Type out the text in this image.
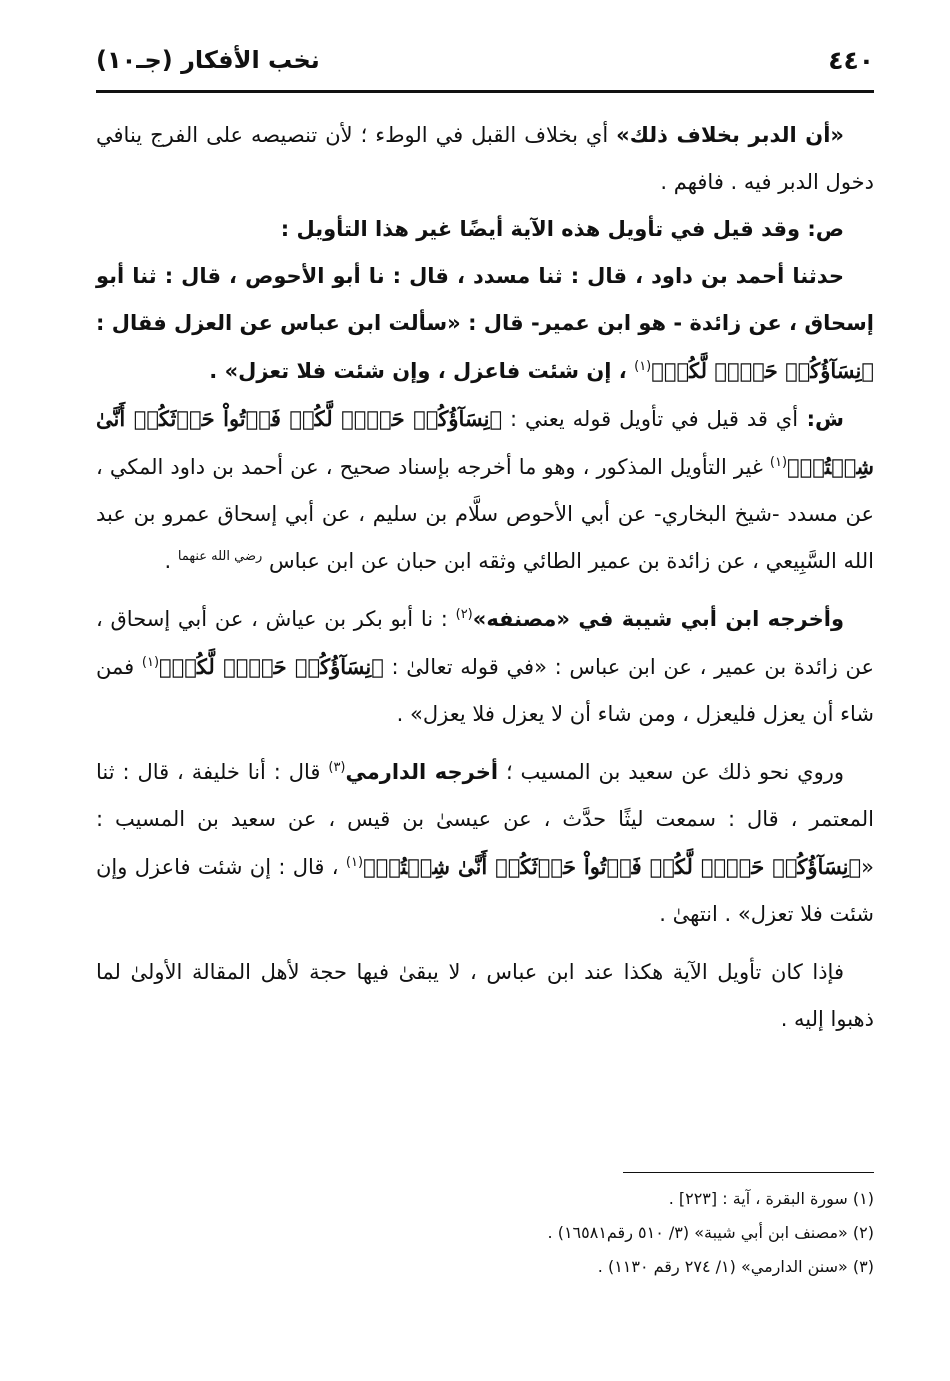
٤٤٠
نخب الأفكار (جـ١٠)

«أن الدبر بخلاف ذلك» أي بخلاف القبل في الوطء ؛ لأن تنصيصه على الفرج ينافي دخول الدبر فيه . فافهم .

ص: وقد قيل في تأويل هذه الآية أيضًا غير هذا التأويل :

حدثنا أحمد بن داود ، قال : ثنا مسدد ، قال : نا أبو الأحوص ، قال : ثنا أبو إسحاق ، عن زائدة - هو ابن عمير- قال : «سألت ابن عباس عن العزل فقال : ﴿نِسَآؤُكُمۡ حَرۡثٞ لَّكُمۡ﴾$^{(١)}$ ، إن شئت فاعزل ، وإن شئت فلا تعزل» .

ش: أي قد قيل في تأويل قوله يعني : ﴿نِسَآؤُكُمۡ حَرۡثٞ لَّكُمۡ فَأۡتُواْ حَرۡثَكُمۡ أَنَّىٰ شِئۡتُمۡ﴾$^{(١)}$ غير التأويل المذكور ، وهو ما أخرجه بإسناد صحيح ، عن أحمد بن داود المكي ، عن مسدد -شيخ البخاري- عن أبي الأحوص سلَّام بن سليم ، عن أبي إسحاق عمرو بن عبد الله السَّبِيعي ، عن زائدة بن عمير الطائي وثقه ابن حبان عن ابن عباس $^{رضي الله عنهما}$ .

وأخرجه ابن أبي شيبة في «مصنفه»$^{(٢)}$ : نا أبو بكر بن عياش ، عن أبي إسحاق ، عن زائدة بن عمير ، عن ابن عباس : «في قوله تعالىٰ : ﴿نِسَآؤُكُمۡ حَرۡثٞ لَّكُمۡ﴾$^{(١)}$ فمن شاء أن يعزل فليعزل ، ومن شاء أن لا يعزل فلا يعزل» .

وروي نحو ذلك عن سعيد بن المسيب ؛ أخرجه الدارمي$^{(٣)}$ قال : أنا خليفة ، قال : ثنا المعتمر ، قال : سمعت ليثًا حدَّث ، عن عيسىٰ بن قيس ، عن سعيد بن المسيب : «﴿نِسَآؤُكُمۡ حَرۡثٞ لَّكُمۡ فَأۡتُواْ حَرۡثَكُمۡ أَنَّىٰ شِئۡتُمۡ﴾$^{(١)}$ ، قال : إن شئت فاعزل وإن شئت فلا تعزل» . انتهىٰ .

فإذا كان تأويل الآية هكذا عند ابن عباس ، لا يبقىٰ فيها حجة لأهل المقالة الأولىٰ لما ذهبوا إليه .

(١) سورة البقرة ، آية : [٢٢٣] .

(٢) «مصنف ابن أبي شيبة» (٣/ ٥١٠ رقم١٦٥٨١) .

(٣) «سنن الدارمي» (١/ ٢٧٤ رقم ١١٣٠) .
